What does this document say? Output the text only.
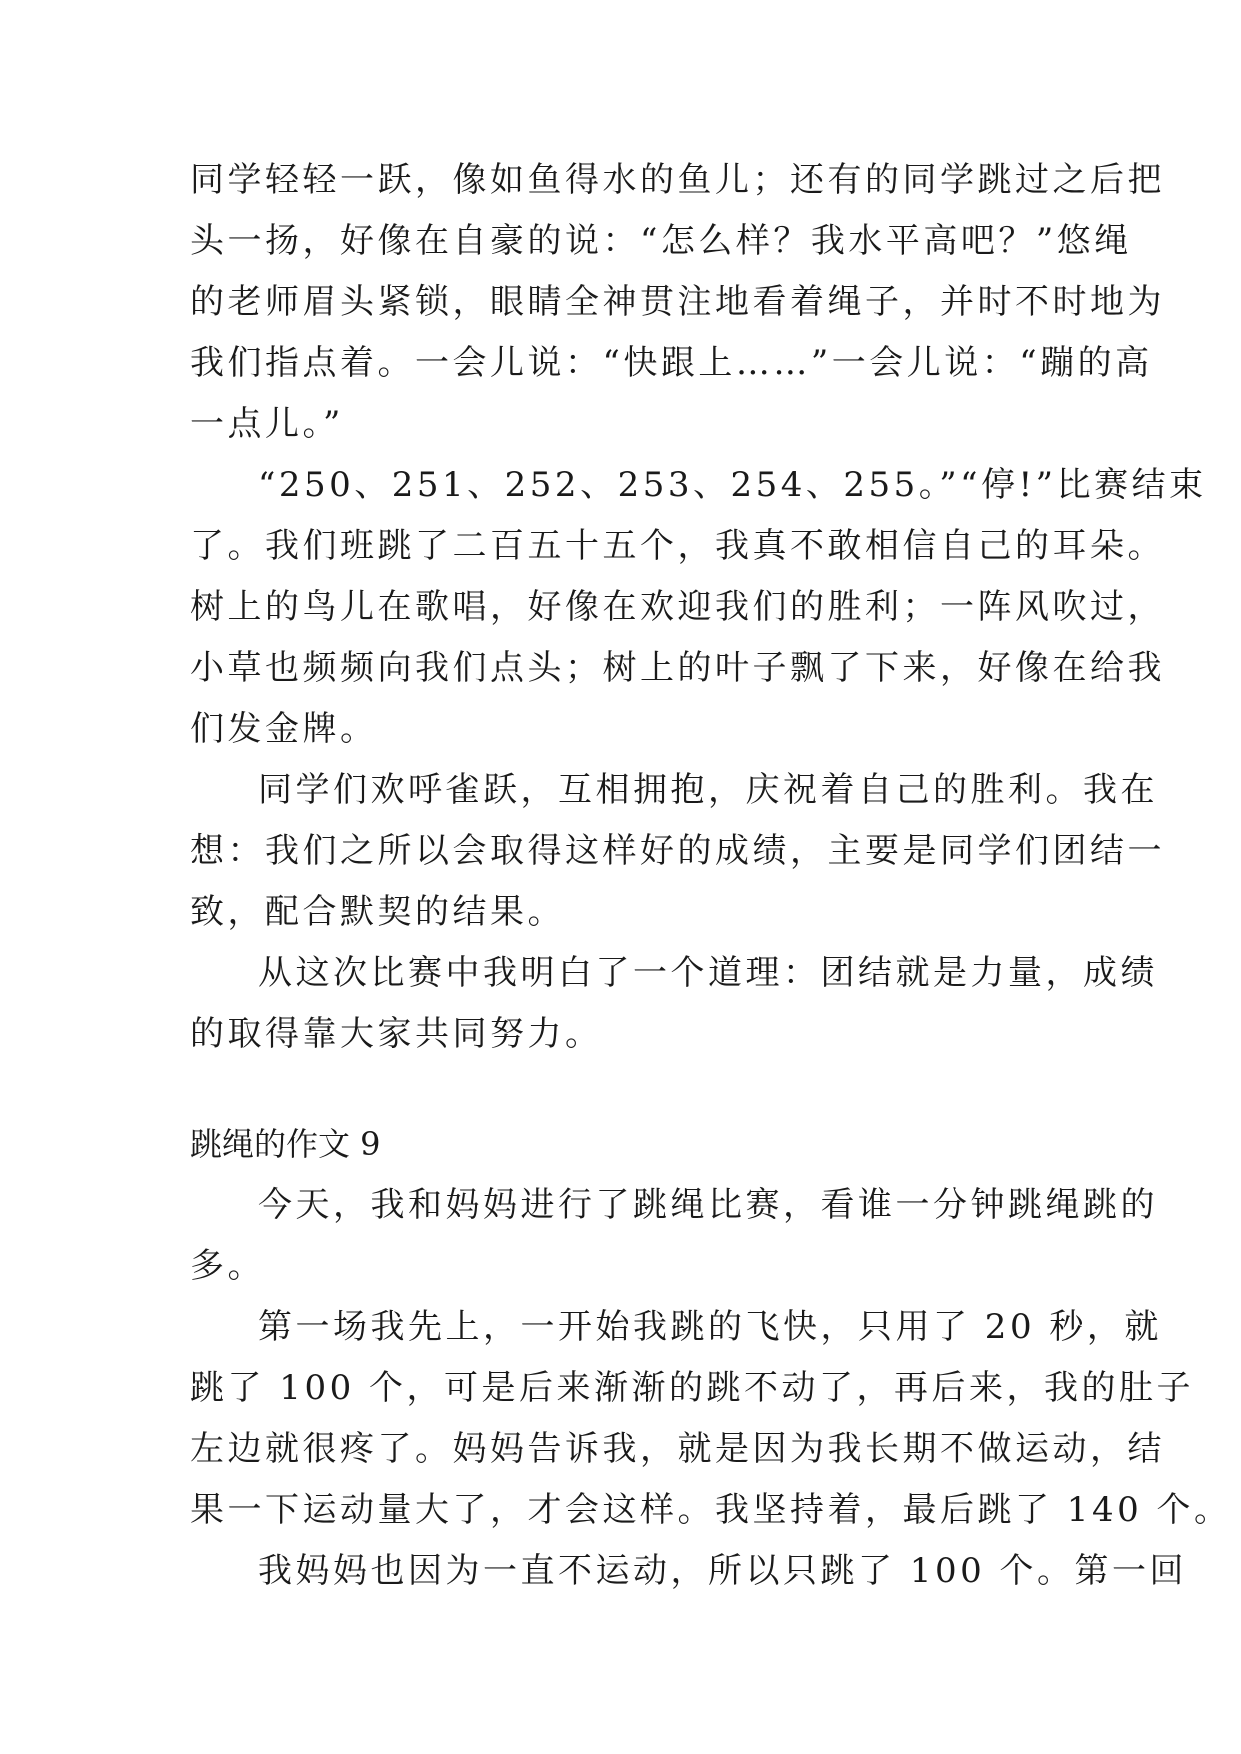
同学轻轻一跃，像如鱼得水的鱼儿；还有的同学跳过之后把
头一扬，好像在自豪的说：“怎么样？我水平高吧？”悠绳
的老师眉头紧锁，眼睛全神贯注地看着绳子，并时不时地为
我们指点着。一会儿说：“快跟上……”一会儿说：“蹦的高
一点儿。”
“250、251、252、253、254、255。”“停!”比赛结束
了。我们班跳了二百五十五个，我真不敢相信自己的耳朵。
树上的鸟儿在歌唱，好像在欢迎我们的胜利；一阵风吹过，
小草也频频向我们点头；树上的叶子飘了下来，好像在给我
们发金牌。
同学们欢呼雀跃，互相拥抱，庆祝着自己的胜利。我在
想：我们之所以会取得这样好的成绩，主要是同学们团结一
致，配合默契的结果。
从这次比赛中我明白了一个道理：团结就是力量，成绩
的取得靠大家共同努力。
跳绳的作文 9
今天，我和妈妈进行了跳绳比赛，看谁一分钟跳绳跳的
多。
第一场我先上，一开始我跳的飞快，只用了 20 秒，就
跳了 100 个，可是后来渐渐的跳不动了，再后来，我的肚子
左边就很疼了。妈妈告诉我，就是因为我长期不做运动，结
果一下运动量大了，才会这样。我坚持着，最后跳了 140 个。
我妈妈也因为一直不运动，所以只跳了 100 个。第一回
